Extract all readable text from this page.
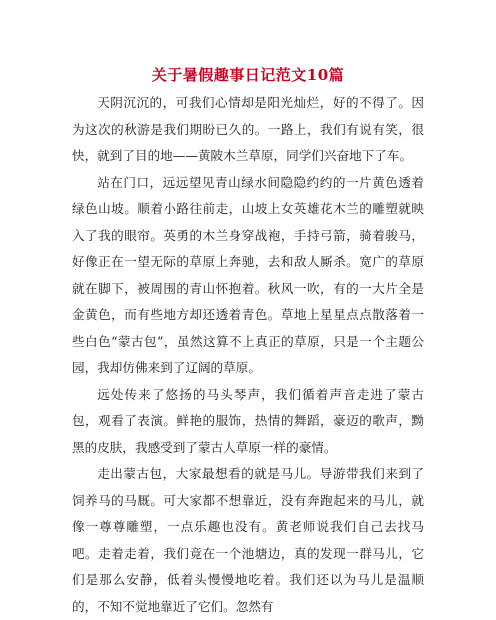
关于暑假趣事日记范文10篇

天阴沉沉的，可我们心情却是阳光灿烂，好的不得了。因为这次的秋游是我们期盼已久的。一路上，我们有说有笑，很快，就到了目的地——黄陂木兰草原，同学们兴奋地下了车。

站在门口，远远望见青山绿水间隐隐约约的一片黄色透着绿色山坡。顺着小路往前走，山坡上女英雄花木兰的雕塑就映入了我的眼帘。英勇的木兰身穿战袍，手持弓箭，骑着骏马，好像正在一望无际的草原上奔驰，去和敌人厮杀。宽广的草原就在脚下，被周围的青山怀抱着。秋风一吹，有的一大片全是金黄色，而有些地方却还透着青色。草地上星星点点散落着一些白色“蒙古包”，虽然这算不上真正的草原，只是一个主题公园，我却仿佛来到了辽阔的草原。

远处传来了悠扬的马头琴声，我们循着声音走进了蒙古包，观看了表演。鲜艳的服饰，热情的舞蹈，豪迈的歌声，黝黑的皮肤，我感受到了蒙古人草原一样的豪情。

走出蒙古包，大家最想看的就是马儿。导游带我们来到了饲养马的马厩。可大家都不想靠近，没有奔跑起来的马儿，就像一尊尊雕塑，一点乐趣也没有。黄老师说我们自己去找马吧。走着走着，我们竟在一个池塘边，真的发现一群马儿，它们是那么安静，低着头慢慢地吃着。我们还以为马儿是温顺的，不知不觉地靠近了它们。忽然有
